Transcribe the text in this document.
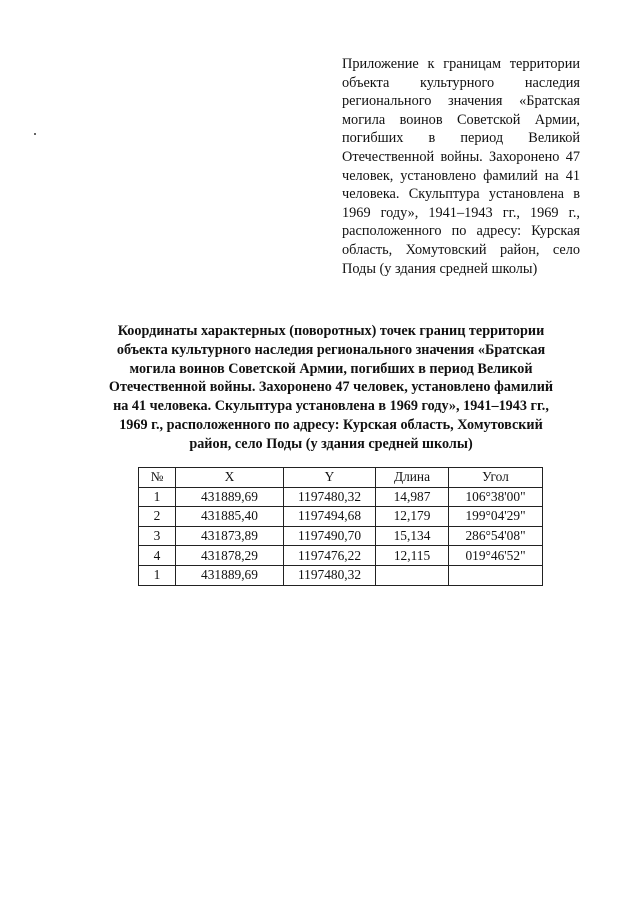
Приложение к границам территории объекта культурного наследия регионального значения «Братская могила воинов Советской Армии, погибших в период Великой Отечественной войны. Захоронено 47 человек, установлено фамилий на 41 человека. Скульптура установлена в 1969 году», 1941–1943 гг., 1969 г., расположенного по адресу: Курская область, Хомутовский район, село Поды (у здания средней школы)
Координаты характерных (поворотных) точек границ территории объекта культурного наследия регионального значения «Братская могила воинов Советской Армии, погибших в период Великой Отечественной войны. Захоронено 47 человек, установлено фамилий на 41 человека. Скульптура установлена в 1969 году», 1941–1943 гг., 1969 г., расположенного по адресу: Курская область, Хомутовский район, село Поды (у здания средней школы)
№	X	Y	Длина	Угол
1	431889,69	1197480,32	14,987	106°38'00"
2	431885,40	1197494,68	12,179	199°04'29"
3	431873,89	1197490,70	15,134	286°54'08"
4	431878,29	1197476,22	12,115	019°46'52"
1	431889,69	1197480,32		
